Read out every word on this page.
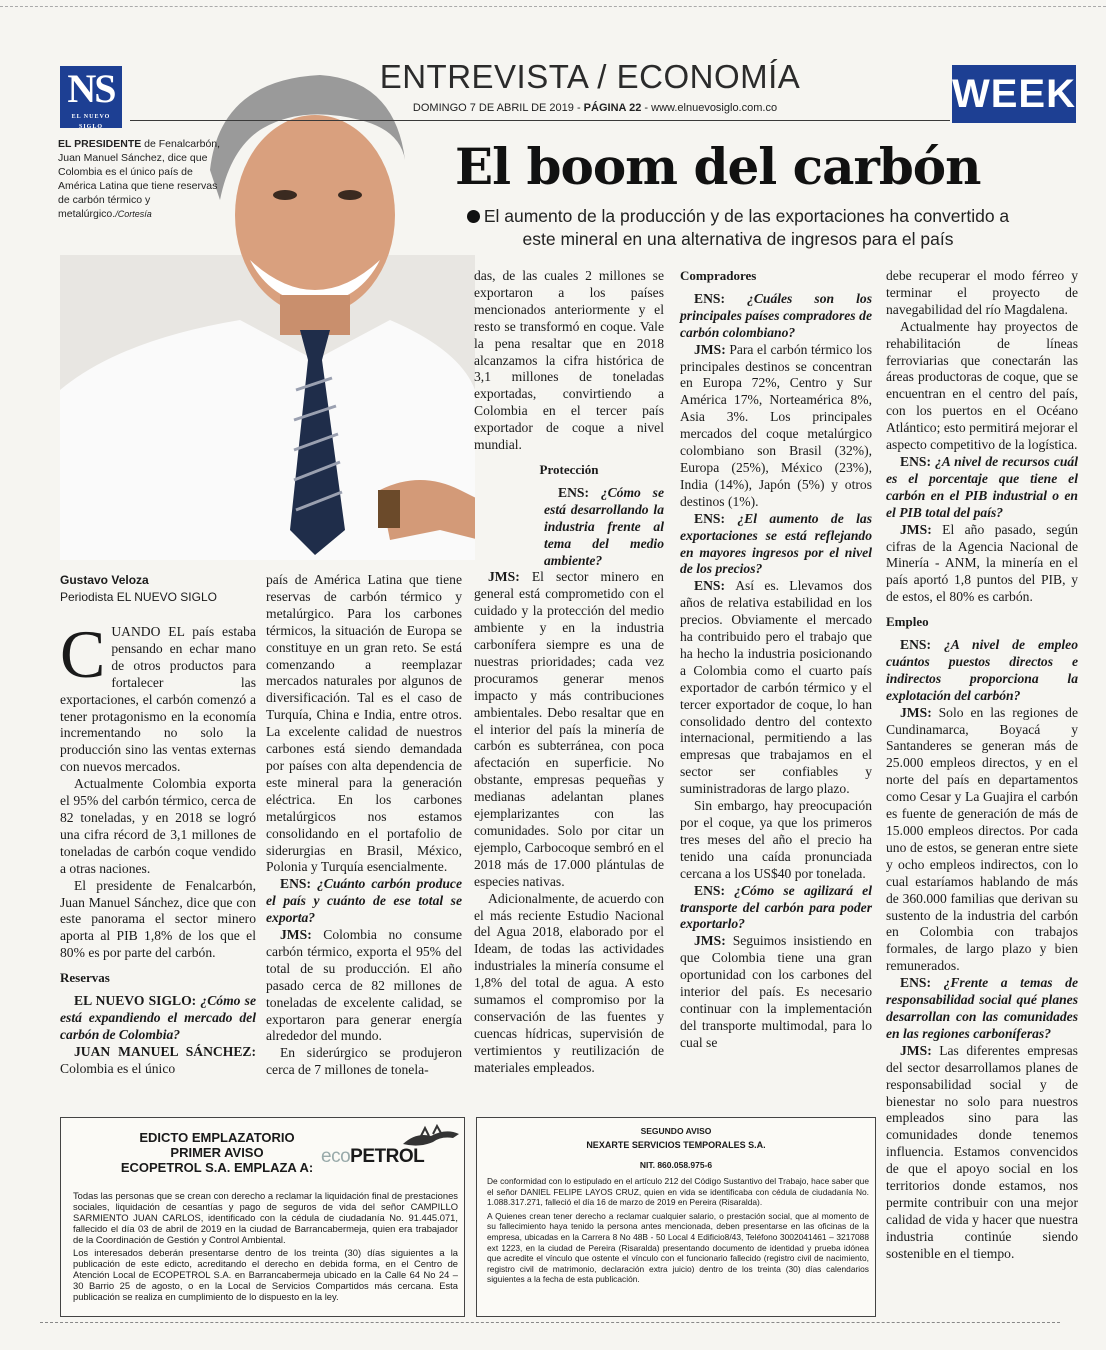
NS
EL NUEVO SIGLO
ENTREVISTA / ECONOMÍA
DOMINGO 7 DE ABRIL DE 2019 - PÁGINA 22 - www.elnuevosiglo.com.co	WEEK
EL PRESIDENTE de Fenalcarbón, Juan Manuel Sánchez, dice que Colombia es el único país de América Latina que tiene reservas de carbón térmico y metalúrgico./Cortesía
El boom del carbón
El aumento de la producción y de las exportaciones ha convertido a este mineral en una alternativa de ingresos para el país
Gustavo Veloza
Periodista EL NUEVO SIGLO

CUANDO EL país estaba pensando en echar mano de otros productos para fortalecer las exportaciones, el carbón comenzó a tener protagonismo en la economía incrementando no solo la producción sino las ventas externas con nuevos mercados.

Actualmente Colombia exporta el 95% del carbón térmico, cerca de 82 toneladas, y en 2018 se logró una cifra récord de 3,1 millones de toneladas de carbón coque vendido a otras naciones.

El presidente de Fenalcarbón, Juan Manuel Sánchez, dice que con este panorama el sector minero aporta al PIB 1,8% de los que el 80% es por parte del carbón.

Reservas

EL NUEVO SIGLO: ¿Cómo se está expandiendo el mercado del carbón de Colombia?

JUAN MANUEL SÁNCHEZ: Colombia es el único

país de América Latina que tiene reservas de carbón térmico y metalúrgico. Para los carbones térmicos, la situación de Europa se constituye en un gran reto. Se está comenzando a reemplazar mercados naturales por algunos de diversificación. Tal es el caso de Turquía, China e India, entre otros. La excelente calidad de nuestros carbones está siendo demandada por países con alta dependencia de este mineral para la generación eléctrica. En los carbones metalúrgicos nos estamos consolidando en el portafolio de siderurgias en Brasil, México, Polonia y Turquía esencialmente.

ENS: ¿Cuánto carbón produce el país y cuánto de ese total se exporta?

JMS: Colombia no consume carbón térmico, exporta el 95% del total de su producción. El año pasado cerca de 82 millones de toneladas de excelente calidad, se exportaron para generar energía alrededor del mundo.

En siderúrgico se produjeron cerca de 7 millones de tonela-

das, de las cuales 2 millones se exportaron a los países mencionados anteriormente y el resto se transformó en coque. Vale la pena resaltar que en 2018 alcanzamos la cifra histórica de 3,1 millones de toneladas exportadas, convirtiendo a Colombia en el tercer país exportador de coque a nivel mundial.

Protección

ENS: ¿Cómo se está desarrollando la industria frente al tema del medio ambiente?

JMS: El sector minero en general está comprometido con el cuidado y la protección del medio ambiente y en la industria carbonífera siempre es una de nuestras prioridades; cada vez procuramos generar menos impacto y más contribuciones ambientales. Debo resaltar que en el interior del país la minería de carbón es subterránea, con poca afectación en superficie. No obstante, empresas pequeñas y medianas adelantan planes ejemplarizantes con las comunidades. Solo por citar un ejemplo, Carbocoque sembró en el 2018 más de 17.000 plántulas de especies nativas.

Adicionalmente, de acuerdo con el más reciente Estudio Nacional del Agua 2018, elaborado por el Ideam, de todas las actividades industriales la minería consume el 1,8% del total de agua. A esto sumamos el compromiso por la conservación de las fuentes y cuencas hídricas, supervisión de vertimientos y reutilización de materiales empleados.

Compradores

ENS: ¿Cuáles son los principales países compradores de carbón colombiano?

JMS: Para el carbón térmico los principales destinos se concentran en Europa 72%, Centro y Sur América 17%, Norteamérica 8%, Asia 3%. Los principales mercados del coque metalúrgico colombiano son Brasil (32%), Europa (25%), México (23%), India (14%), Japón (5%) y otros destinos (1%).

ENS: ¿El aumento de las exportaciones se está reflejando en mayores ingresos por el nivel de los precios?

ENS: Así es. Llevamos dos años de relativa estabilidad en los precios. Obviamente el mercado ha contribuido pero el trabajo que ha hecho la industria posicionando a Colombia como el cuarto país exportador de carbón térmico y el tercer exportador de coque, lo han consolidado dentro del contexto internacional, permitiendo a las empresas que trabajamos en el sector ser confiables y suministradoras de largo plazo.

Sin embargo, hay preocupación por el coque, ya que los primeros tres meses del año el precio ha tenido una caída pronunciada cercana a los US$40 por tonelada.

ENS: ¿Cómo se agilizará el transporte del carbón para poder exportarlo?

JMS: Seguimos insistiendo en que Colombia tiene una gran oportunidad con los carbones del interior del país. Es necesario continuar con la implementación del transporte multimodal, para lo cual se

debe recuperar el modo férreo y terminar el proyecto de navegabilidad del río Magdalena.

Actualmente hay proyectos de rehabilitación de líneas ferroviarias que conectarán las áreas productoras de coque, que se encuentran en el centro del país, con los puertos en el Océano Atlántico; esto permitirá mejorar el aspecto competitivo de la logística.

ENS: ¿A nivel de recursos cuál es el porcentaje que tiene el carbón en el PIB industrial o en el PIB total del país?

JMS: El año pasado, según cifras de la Agencia Nacional de Minería - ANM, la minería en el país aportó 1,8 puntos del PIB, y de estos, el 80% es carbón.

Empleo

ENS: ¿A nivel de empleo cuántos puestos directos e indirectos proporciona la explotación del carbón?

JMS: Solo en las regiones de Cundinamarca, Boyacá y Santanderes se generan más de 25.000 empleos directos, y en el norte del país en departamentos como Cesar y La Guajira el carbón es fuente de generación de más de 15.000 empleos directos. Por cada uno de estos, se generan entre siete y ocho empleos indirectos, con lo cual estaríamos hablando de más de 360.000 familias que derivan su sustento de la industria del carbón en Colombia con trabajos formales, de largo plazo y bien remunerados.

ENS: ¿Frente a temas de responsabilidad social qué planes desarrollan con las comunidades en las regiones carboníferas?

JMS: Las diferentes empresas del sector desarrollamos planes de responsabilidad social y de bienestar no solo para nuestros empleados sino para las comunidades donde tenemos influencia. Estamos convencidos de que el apoyo social en los territorios donde estamos, nos permite contribuir con una mejor calidad de vida y hacer que nuestra industria continúe siendo sostenible en el tiempo.

EDICTO EMPLAZATORIO
PRIMER AVISO
ECOPETROL S.A. EMPLAZA A:
ecoPETROL

Todas las personas que se crean con derecho a reclamar la liquidación final de prestaciones sociales, liquidación de cesantías y pago de seguros de vida del señor CAMPILLO SARMIENTO JUAN CARLOS, identificado con la cédula de ciudadanía No. 91.445.071, fallecido el día 03 de abril de 2019 en la ciudad de Barrancabermeja, quien era trabajador de la Coordinación de Gestión y Control Ambiental.

Los interesados deberán presentarse dentro de los treinta (30) días siguientes a la publicación de este edicto, acreditando el derecho en debida forma, en el Centro de Atención Local de ECOPETROL S.A. en Barrancabermeja ubicado en la Calle 64 No 24 – 30 Barrio 25 de agosto, o en la Local de Servicios Compartidos más cercana. Esta publicación se realiza en cumplimiento de lo dispuesto en la ley.

SEGUNDO AVISO
NEXARTE SERVICIOS TEMPORALES S.A.
NIT. 860.058.975-6

De conformidad con lo estipulado en el artículo 212 del Código Sustantivo del Trabajo, hace saber que el señor DANIEL FELIPE LAYOS CRUZ, quien en vida se identificaba con cédula de ciudadanía No. 1.088.317.271, falleció el día 16 de marzo de 2019 en Pereira (Risaralda).

A Quienes crean tener derecho a reclamar cualquier salario, o prestación social, que al momento de su fallecimiento haya tenido la persona antes mencionada, deben presentarse en las oficinas de la empresa, ubicadas en la Carrera 8 No 48B - 50 Local 4 Edificio8/43, Teléfono 3002041461 – 3217088 ext 1223, en la ciudad de Pereira (Risaralda) presentando documento de identidad y prueba idónea que acredite el vínculo que ostente el vínculo con el funcionario fallecido (registro civil de nacimiento, registro civil de matrimonio, declaración extra juicio) dentro de los treinta (30) días calendarios siguientes a la fecha de esta publicación.
